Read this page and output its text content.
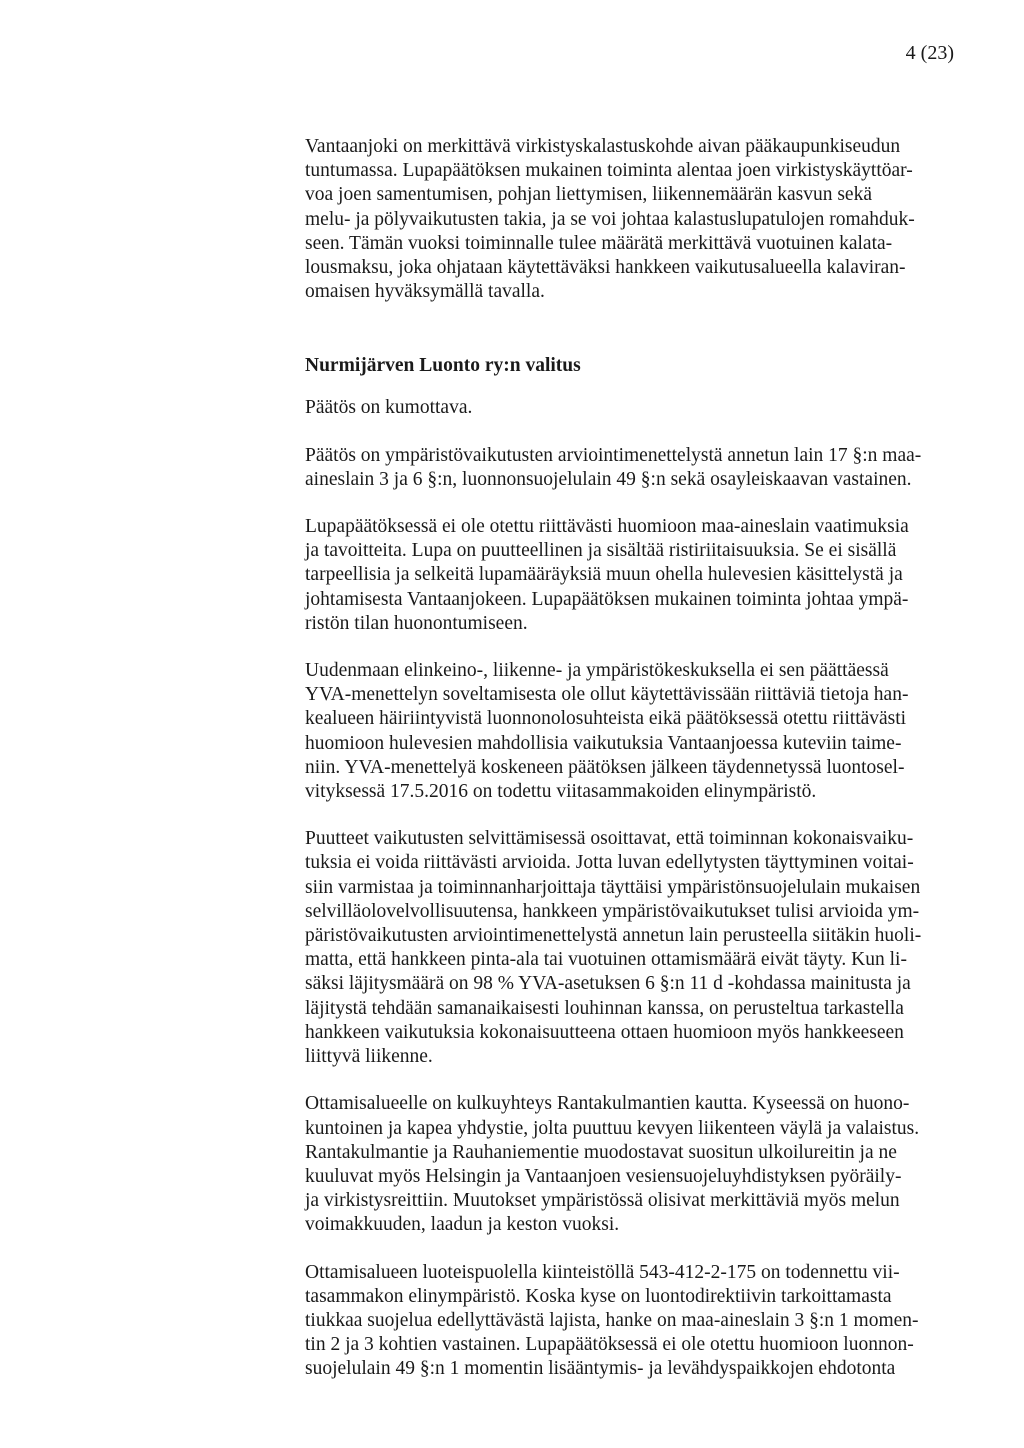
4 (23)

Vantaanjoki on merkittävä virkistyskalastuskohde aivan pääkaupunkiseudun
tuntumassa. Lupapäätöksen mukainen toiminta alentaa joen virkistyskäyttöar-
voa joen samentumisen, pohjan liettymisen, liikennemäärän kasvun sekä
melu- ja pölyvaikutusten takia, ja se voi johtaa kalastuslupatulojen romahduk-
seen. Tämän vuoksi toiminnalle tulee määrätä merkittävä vuotuinen kalata-
lousmaksu, joka ohjataan käytettäväksi hankkeen vaikutusalueella kalaviran-
omaisen hyväksymällä tavalla.

Nurmijärven Luonto ry:n valitus

Päätös on kumottava.

Päätös on ympäristövaikutusten arviointimenettelystä annetun lain 17 §:n maa-
aineslain 3 ja 6 §:n, luonnonsuojelulain 49 §:n sekä osayleiskaavan vastainen.

Lupapäätöksessä ei ole otettu riittävästi huomioon maa-aineslain vaatimuksia
ja tavoitteita. Lupa on puutteellinen ja sisältää ristiriitaisuuksia. Se ei sisällä
tarpeellisia ja selkeitä lupamääräyksiä muun ohella hulevesien käsittelystä ja
johtamisesta Vantaanjokeen. Lupapäätöksen mukainen toiminta johtaa ympä-
ristön tilan huonontumiseen.

Uudenmaan elinkeino-, liikenne- ja ympäristökeskuksella ei sen päättäessä
YVA-menettelyn soveltamisesta ole ollut käytettävissään riittäviä tietoja han-
kealueen häiriintyvistä luonnonolosuhteista eikä päätöksessä otettu riittävästi
huomioon hulevesien mahdollisia vaikutuksia Vantaanjoessa kuteviin taime-
niin. YVA-menettelyä koskeneen päätöksen jälkeen täydennetyssä luontosel-
vityksessä 17.5.2016 on todettu viitasammakoiden elinympäristö.

Puutteet vaikutusten selvittämisessä osoittavat, että toiminnan kokonaisvaiku-
tuksia ei voida riittävästi arvioida. Jotta luvan edellytysten täyttyminen voitai-
siin varmistaa ja toiminnanharjoittaja täyttäisi ympäristönsuojelulain mukaisen
selvilläolovelvollisuutensa, hankkeen ympäristövaikutukset tulisi arvioida ym-
päristövaikutusten arviointimenettelystä annetun lain perusteella siitäkin huoli-
matta, että hankkeen pinta-ala tai vuotuinen ottamismäärä eivät täyty. Kun li-
säksi läjitysmäärä on 98 % YVA-asetuksen 6 §:n 11 d -kohdassa mainitusta ja
läjitystä tehdään samanaikaisesti louhinnan kanssa, on perusteltua tarkastella
hankkeen vaikutuksia kokonaisuutteena ottaen huomioon myös hankkeeseen
liittyvä liikenne.

Ottamisalueelle on kulkuyhteys Rantakulmantien kautta. Kyseessä on huono-
kuntoinen ja kapea yhdystie, jolta puuttuu kevyen liikenteen väylä ja valaistus.
Rantakulmantie ja Rauhaniementie muodostavat suositun ulkoilureitin ja ne
kuuluvat myös Helsingin ja Vantaanjoen vesiensuojeluyhdistyksen pyöräily-
ja virkistysreittiin. Muutokset ympäristössä olisivat merkittäviä myös melun
voimakkuuden, laadun ja keston vuoksi.

Ottamisalueen luoteispuolella kiinteistöllä 543-412-2-175 on todennettu vii-
tasammakon elinympäristö. Koska kyse on luontodirektiivin tarkoittamasta
tiukkaa suojelua edellyttävästä lajista, hanke on maa-aineslain 3 §:n 1 momen-
tin 2 ja 3 kohtien vastainen. Lupapäätöksessä ei ole otettu huomioon luonnon-
suojelulain 49 §:n 1 momentin lisääntymis- ja levähdyspaikkojen ehdotonta
